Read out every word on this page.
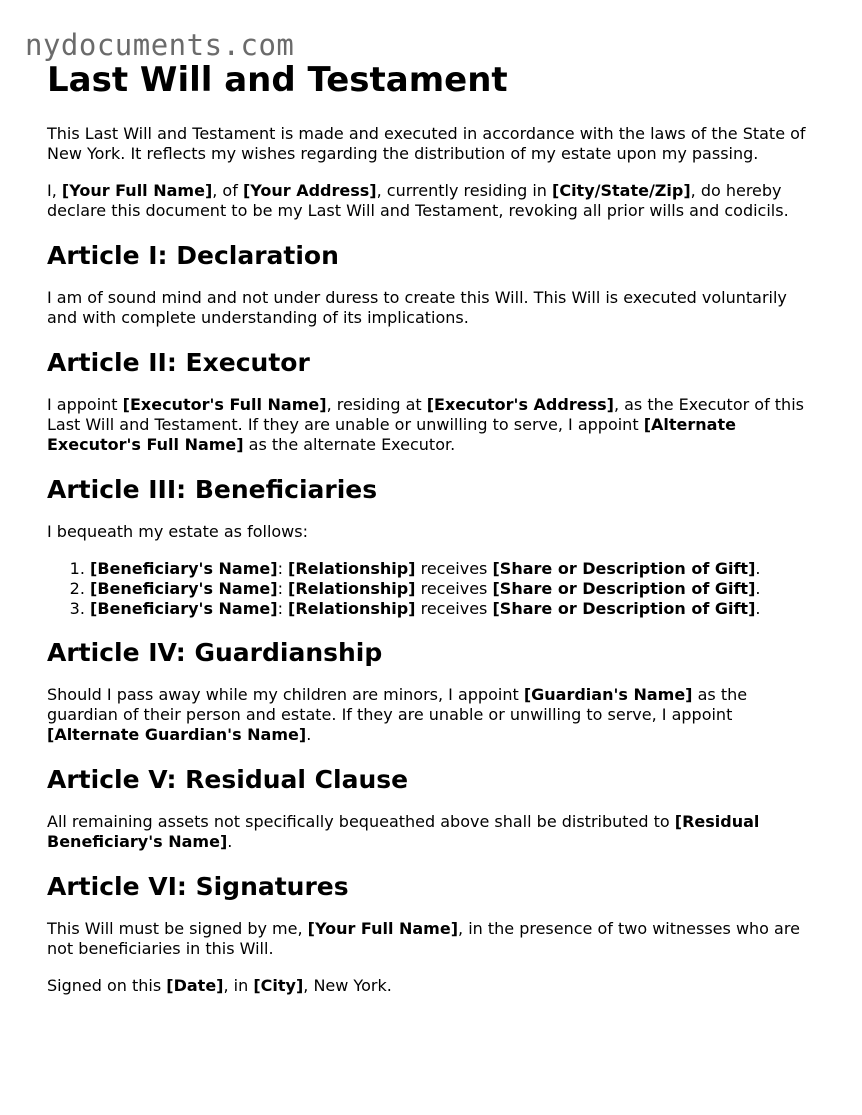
nydocuments.com
Last Will and Testament

This Last Will and Testament is made and executed in accordance with the laws of the State of New York. It reflects my wishes regarding the distribution of my estate upon my passing.

I, [Your Full Name], of [Your Address], currently residing in [City/State/Zip], do hereby declare this document to be my Last Will and Testament, revoking all prior wills and codicils.

Article I: Declaration

I am of sound mind and not under duress to create this Will. This Will is executed voluntarily and with complete understanding of its implications.

Article II: Executor

I appoint [Executor's Full Name], residing at [Executor's Address], as the Executor of this Last Will and Testament. If they are unable or unwilling to serve, I appoint [Alternate Executor's Full Name] as the alternate Executor.

Article III: Beneficiaries

I bequeath my estate as follows:

1. [Beneficiary's Name]: [Relationship] receives [Share or Description of Gift].
2. [Beneficiary's Name]: [Relationship] receives [Share or Description of Gift].
3. [Beneficiary's Name]: [Relationship] receives [Share or Description of Gift].
Article IV: Guardianship

Should I pass away while my children are minors, I appoint [Guardian's Name] as the guardian of their person and estate. If they are unable or unwilling to serve, I appoint [Alternate Guardian's Name].

Article V: Residual Clause

All remaining assets not specifically bequeathed above shall be distributed to [Residual Beneficiary's Name].

Article VI: Signatures

This Will must be signed by me, [Your Full Name], in the presence of two witnesses who are not beneficiaries in this Will.

Signed on this [Date], in [City], New York.
